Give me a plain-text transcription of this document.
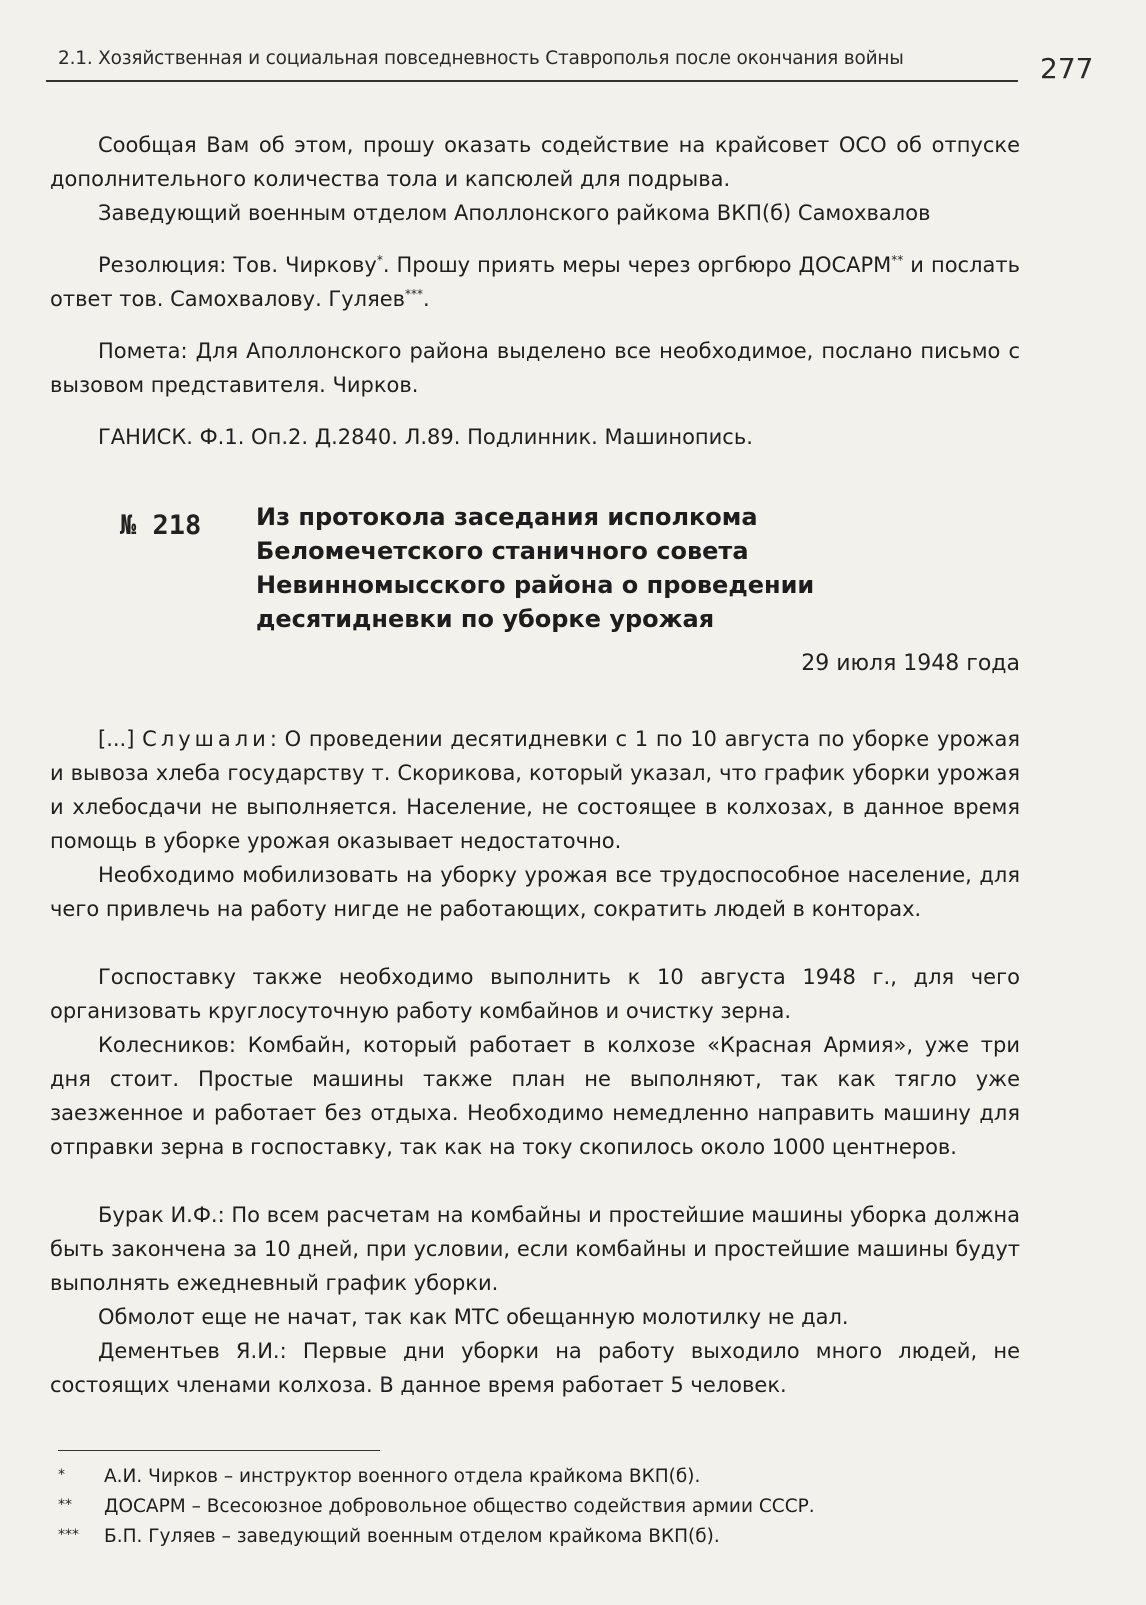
2.1. Хозяйственная и социальная повседневность Ставрополья после окончания войны	277

Сообщая Вам об этом, прошу оказать содействие на крайсовет ОСО об отпуске дополнительного количества тола и капсюлей для подрыва.

Заведующий военным отделом Аполлонского райкома ВКП(б) Самохвалов

Резолюция: Тов. Чиркову*. Прошу приять меры через оргбюро ДОСАРМ** и послать ответ тов. Самохвалову. Гуляев***.

Помета: Для Аполлонского района выделено все необходимое, послано письмо с вызовом представителя. Чирков.

ГАНИСК. Ф.1. Оп.2. Д.2840. Л.89. Подлинник. Машинопись.

№ 218 Из протокола заседания исполкома Беломечетского станичного совета Невинномысского района о проведении десятидневки по уборке урожая

29 июля 1948 года

[...] Слушали: О проведении десятидневки с 1 по 10 августа по уборке урожая и вывоза хлеба государству т. Скорикова, который указал, что график уборки урожая и хлебосдачи не выполняется. Население, не состоящее в колхозах, в данное время помощь в уборке урожая оказывает недостаточно.

Необходимо мобилизовать на уборку урожая все трудоспособное население, для чего привлечь на работу нигде не работающих, сократить людей в конторах.

Госпоставку также необходимо выполнить к 10 августа 1948 г., для чего организовать круглосуточную работу комбайнов и очистку зерна.

Колесников: Комбайн, который работает в колхозе «Красная Армия», уже три дня стоит. Простые машины также план не выполняют, так как тягло уже заезженное и работает без отдыха. Необходимо немедленно направить машину для отправки зерна в госпоставку, так как на току скопилось около 1000 центнеров.

Бурак И.Ф.: По всем расчетам на комбайны и простейшие машины уборка должна быть закончена за 10 дней, при условии, если комбайны и простейшие машины будут выполнять ежедневный график уборки.

Обмолот еще не начат, так как МТС обещанную молотилку не дал.

Дементьев Я.И.: Первые дни уборки на работу выходило много людей, не состоящих членами колхоза. В данное время работает 5 человек.

* А.И. Чирков – инструктор военного отдела крайкома ВКП(б).
** ДОСАРМ – Всесоюзное добровольное общество содействия армии СССР.
*** Б.П. Гуляев – заведующий военным отделом крайкома ВКП(б).
